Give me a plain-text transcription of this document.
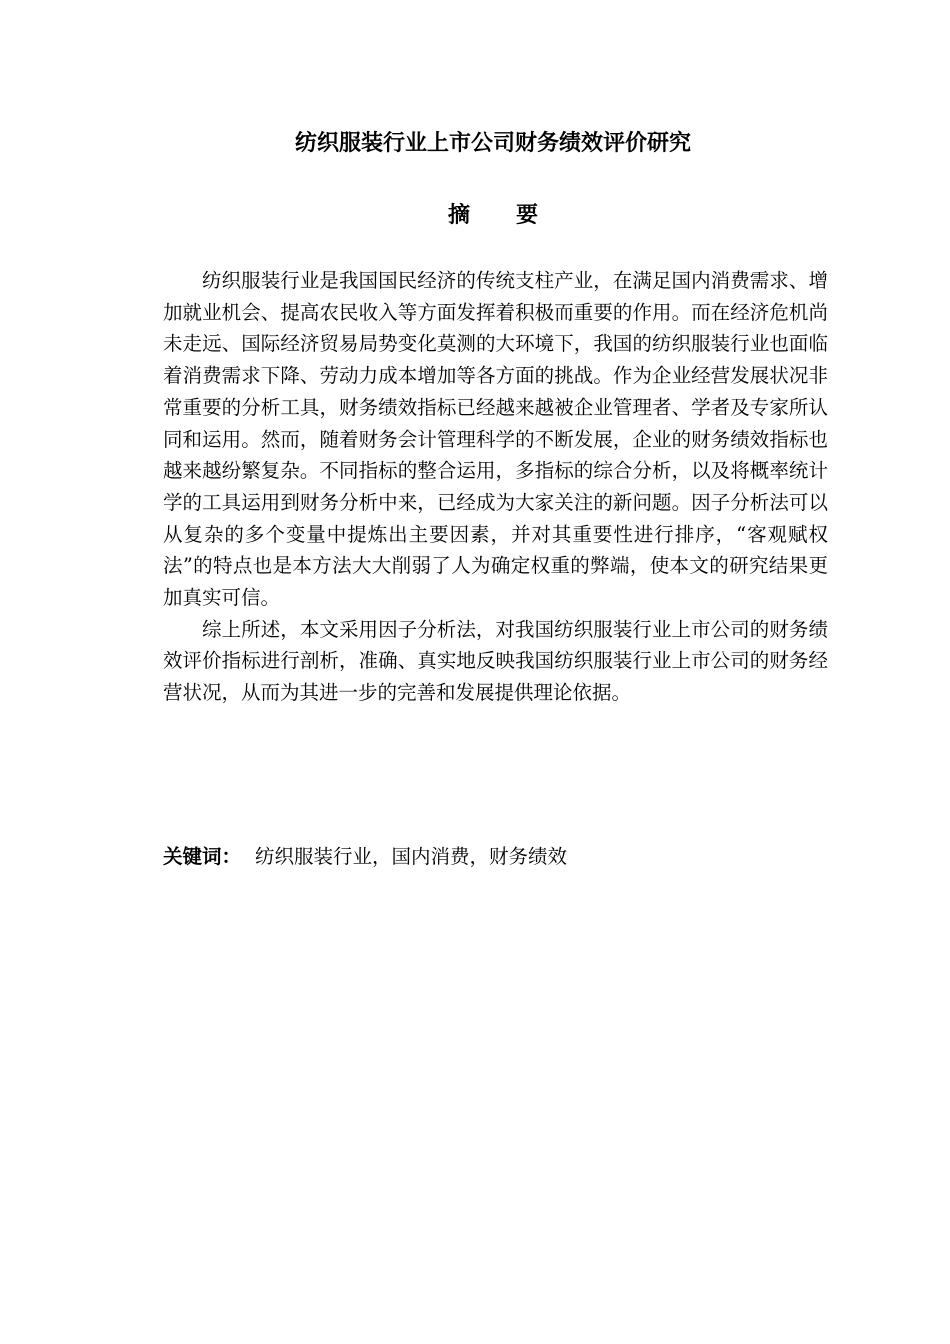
纺织服装行业上市公司财务绩效评价研究
摘要

纺织服装行业是我国国民经济的传统支柱产业，在满足国内消费需求、增加就业机会、提高农民收入等方面发挥着积极而重要的作用。而在经济危机尚未走远、国际经济贸易局势变化莫测的大环境下，我国的纺织服装行业也面临着消费需求下降、劳动力成本增加等各方面的挑战。作为企业经营发展状况非常重要的分析工具，财务绩效指标已经越来越被企业管理者、学者及专家所认同和运用。然而，随着财务会计管理科学的不断发展，企业的财务绩效指标也越来越纷繁复杂。不同指标的整合运用，多指标的综合分析，以及将概率统计学的工具运用到财务分析中来，已经成为大家关注的新问题。因子分析法可以从复杂的多个变量中提炼出主要因素，并对其重要性进行排序，“客观赋权法”的特点也是本方法大大削弱了人为确定权重的弊端，使本文的研究结果更加真实可信。

综上所述，本文采用因子分析法，对我国纺织服装行业上市公司的财务绩效评价指标进行剖析，准确、真实地反映我国纺织服装行业上市公司的财务经营状况，从而为其进一步的完善和发展提供理论依据。

关键词： 纺织服装行业，国内消费，财务绩效
